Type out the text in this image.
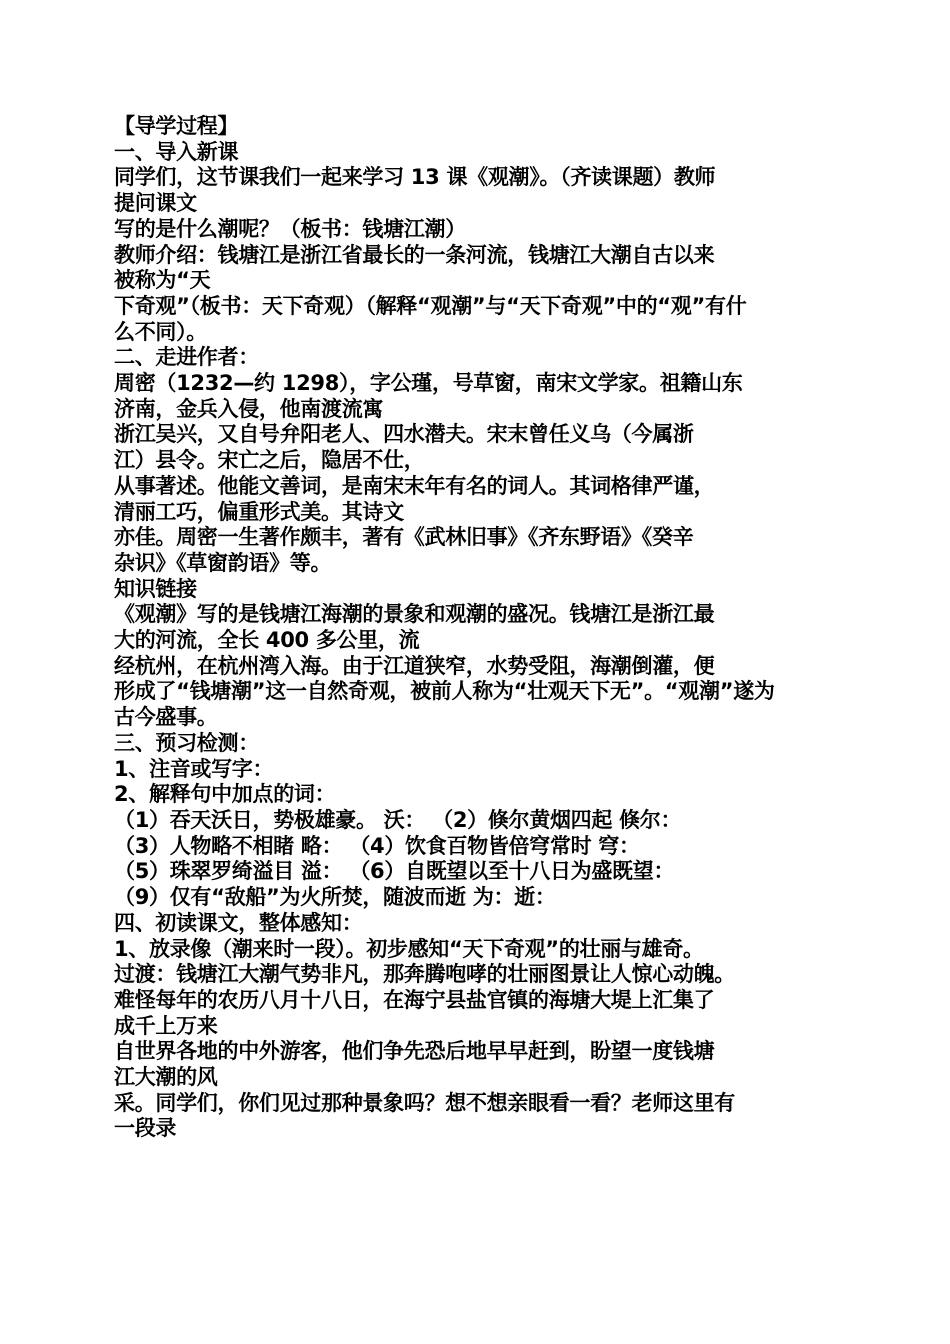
【导学过程】
一、导入新课
同学们，这节课我们一起来学习 13 课《观潮》。（齐读课题）教师
提问课文
写的是什么潮呢？（板书：钱塘江潮）
教师介绍：钱塘江是浙江省最长的一条河流，钱塘江大潮自古以来
被称为“天
下奇观”（板书：天下奇观）（解释“观潮”与“天下奇观”中的“观”有什
么不同）。
二、走进作者：
周密（1232—约 1298），字公瑾，号草窗，南宋文学家。祖籍山东
济南，金兵入侵，他南渡流寓
浙江吴兴，又自号弁阳老人、四水潜夫。宋末曾任义乌（今属浙
江）县令。宋亡之后，隐居不仕，
从事著述。他能文善词，是南宋末年有名的词人。其词格律严谨，
清丽工巧，偏重形式美。其诗文
亦佳。周密一生著作颇丰，著有《武林旧事》《齐东野语》《癸辛
杂识》《草窗韵语》等。
知识链接
《观潮》写的是钱塘江海潮的景象和观潮的盛况。钱塘江是浙江最
大的河流，全长 400 多公里，流
经杭州，在杭州湾入海。由于江道狭窄，水势受阻，海潮倒灌，便
形成了“钱塘潮”这一自然奇观，被前人称为“壮观天下无”。“观潮”遂为
古今盛事。
三、预习检测：
1、注音或写字：
2、解释句中加点的词：
（1）吞天沃日，势极雄豪。 沃： （2）倏尔黄烟四起 倏尔：
（3）人物略不相睹 略： （4）饮食百物皆倍穹常时 穹：
（5）珠翠罗绮溢目 溢： （6）自既望以至十八日为盛既望：
（9）仅有“敌船”为火所焚，随波而逝 为：逝：
四、初读课文，整体感知：
1、放录像（潮来时一段）。初步感知“天下奇观”的壮丽与雄奇。
过渡：钱塘江大潮气势非凡，那奔腾咆哮的壮丽图景让人惊心动魄。
难怪每年的农历八月十八日，在海宁县盐官镇的海塘大堤上汇集了
成千上万来
自世界各地的中外游客，他们争先恐后地早早赶到，盼望一度钱塘
江大潮的风
采。同学们，你们见过那种景象吗？想不想亲眼看一看？老师这里有
一段录
